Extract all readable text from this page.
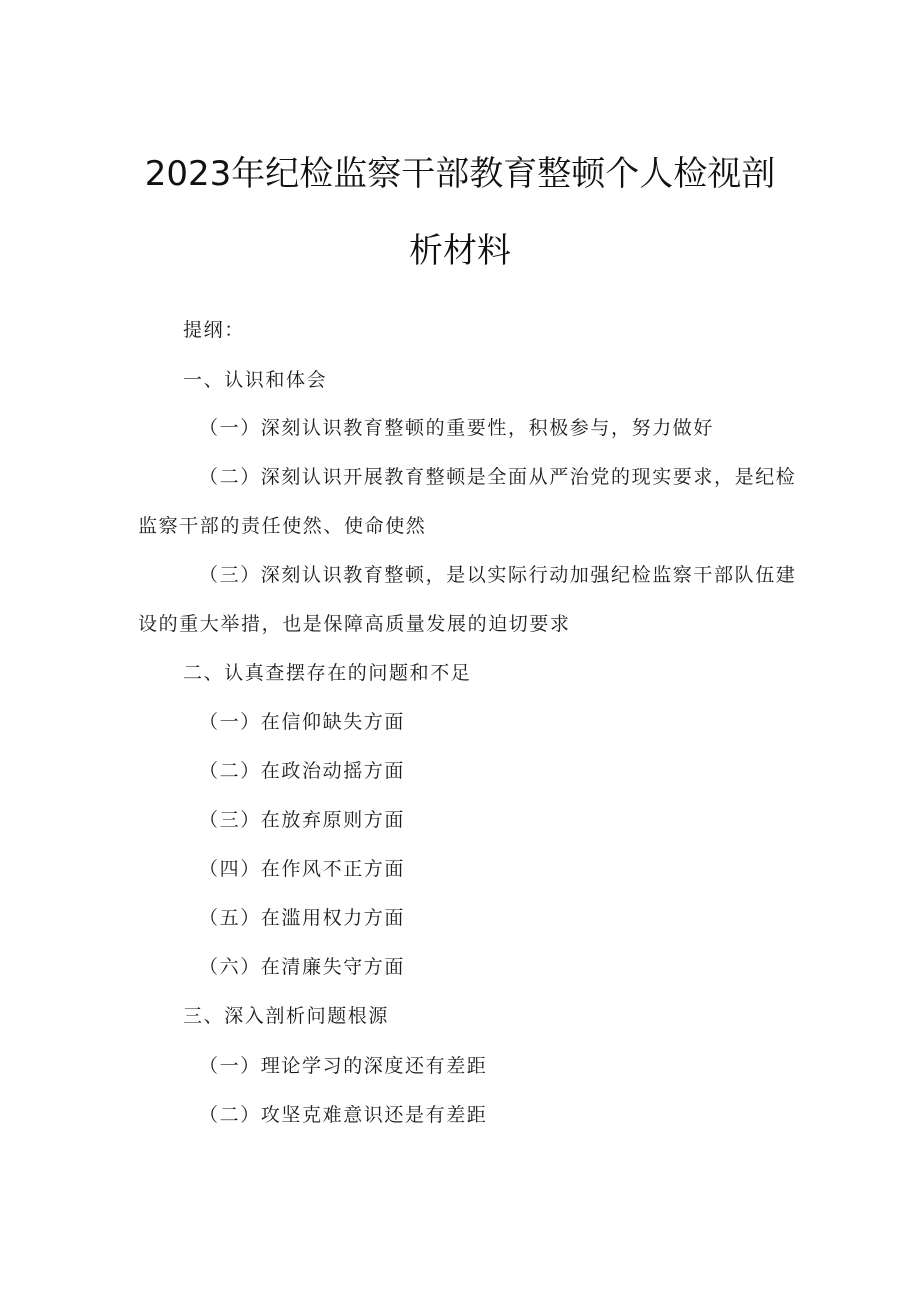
2023年纪检监察干部教育整顿个人检视剖
析材料
提纲：
一、认识和体会
（一）深刻认识教育整顿的重要性，积极参与，努力做好
（二）深刻认识开展教育整顿是全面从严治党的现实要求，是纪检
监察干部的责任使然、使命使然
（三）深刻认识教育整顿，是以实际行动加强纪检监察干部队伍建
设的重大举措，也是保障高质量发展的迫切要求
二、认真查摆存在的问题和不足
（一）在信仰缺失方面
（二）在政治动摇方面
（三）在放弃原则方面
（四）在作风不正方面
（五）在滥用权力方面
（六）在清廉失守方面
三、深入剖析问题根源
（一）理论学习的深度还有差距
（二）攻坚克难意识还是有差距
